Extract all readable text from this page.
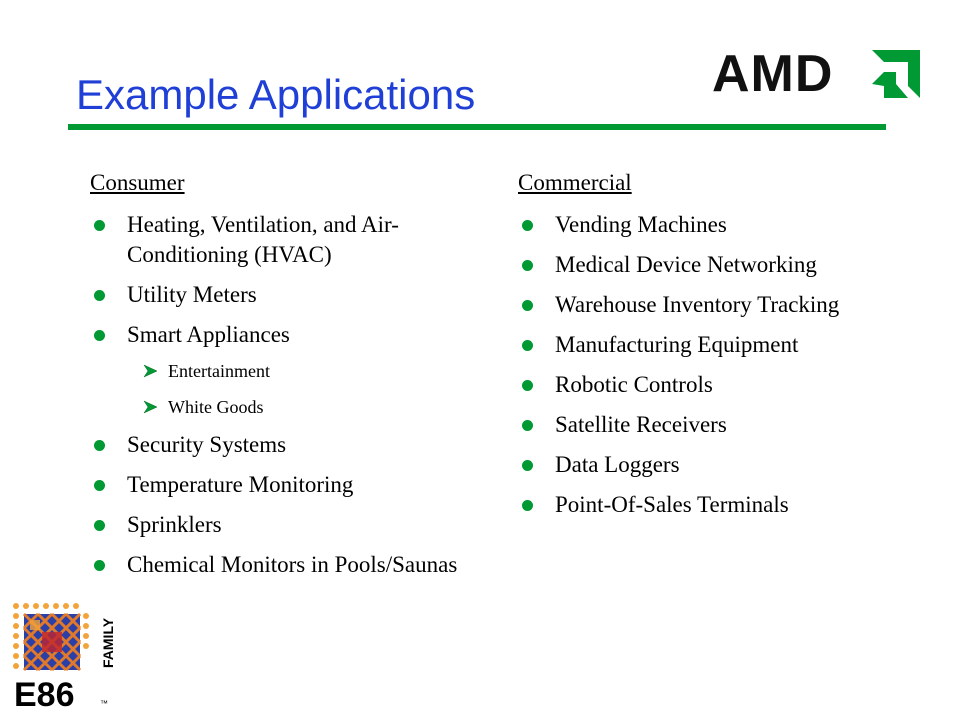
Example Applications	AMD
Consumer
Heating, Ventilation, and Air-Conditioning (HVAC)
Utility Meters
Smart Appliances
Entertainment
White Goods
Security Systems
Temperature Monitoring
Sprinklers
Chemical Monitors in Pools/Saunas
Commercial
Vending Machines
Medical Device Networking
Warehouse Inventory Tracking
Manufacturing Equipment
Robotic Controls
Satellite Receivers
Data Loggers
Point-Of-Sales Terminals
E86	™
FAMILY
